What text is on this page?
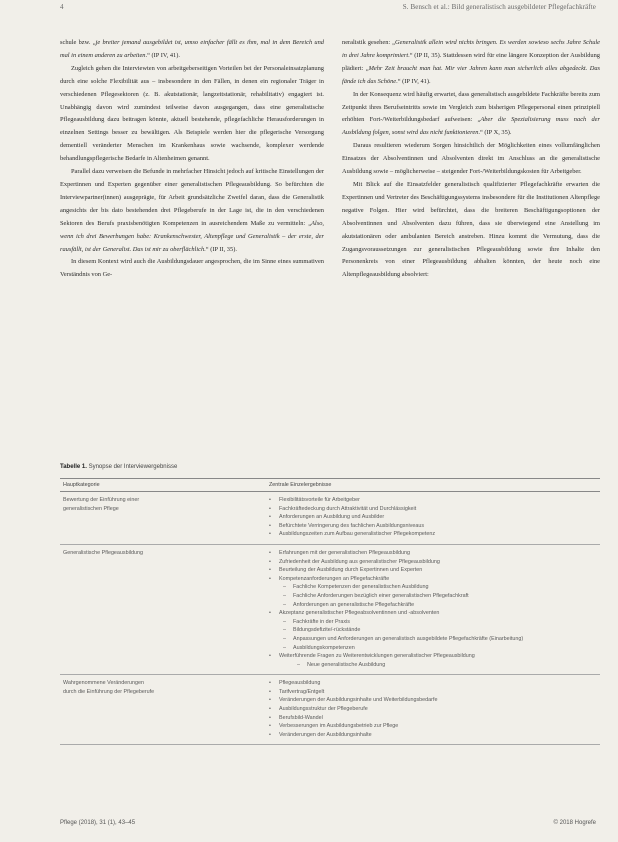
4	S. Bensch et al.: Bild generalistisch ausgebildeter Pflegefachkräfte

schule bzw. „je breiter jemand ausgebildet ist, umso einfacher fällt es ihm, mal in dem Bereich und mal in einem anderen zu arbeiten.“ (IP IV, 41).

Zugleich gehen die Interviewten von arbeitgeberseitigen Vorteilen bei der Personaleinsatzplanung durch eine solche Flexibilität aus – insbesondere in den Fällen, in denen ein regionaler Träger in verschiedenen Pflegesektoren (z. B. akutstationär, langzeitstationär, rehabilitativ) engagiert ist. Unabhängig davon wird zumindest teilweise davon ausgegangen, dass eine generalistische Pflegeausbildung dazu beitragen könnte, aktuell bestehende, pflegefachliche Herausforderungen in einzelnen Settings besser zu bewältigen. Als Beispiele werden hier die pflegerische Versorgung dementiell veränderter Menschen im Krankenhaus sowie wachsende, komplexer werdende behandlungspflegerische Bedarfe in Altenheimen genannt.

Parallel dazu verweisen die Befunde in mehrfacher Hinsicht jedoch auf kritische Einstellungen der Expertinnen und Experten gegenüber einer generalistischen Pflegeausbildung. So befürchten die Interviewpartner(innen) ausgeprägte, für Arbeit grundsätzliche Zweifel daran, dass die Generalistik angesichts der bis dato bestehenden drei Pflegeberufe in der Lage ist, die in den verschiedenen Sektoren des Berufs praxisbenötigten Kompetenzen in ausreichendem Maße zu vermitteln: „Also, wenn ich drei Bewerbungen habe: Krankenschwester, Altenpflege und Generalistik – der erste, der rausfällt, ist der Generalist. Das ist mir zu oberflächlich.“ (IP II, 35).

In diesem Kontext wird auch die Ausbildungsdauer angesprochen, die im Sinne eines summativen Verständnis von Ge-

neralistik gesehen: „Generalistik allein wird nichts bringen. Es werden sowieso sechs Jahre Schule in drei Jahre komprimiert.“ (IP II, 35). Stattdessen wird für eine längere Konzeption der Ausbildung plädiert: „Mehr Zeit braucht man hat. Mir vier Jahren kann man sicherlich alles abgedeckt. Das fände ich das Schöne.“ (IP IV, 41).

In der Konsequenz wird häufig erwartet, dass generalistisch ausgebildete Fachkräfte bereits zum Zeitpunkt ihres Berufseintritts sowie im Vergleich zum bisherigen Pflegepersonal einen prinzipiell erhöhten Fort-/Weiterbildungsbedarf aufweisen: „Aber die Spezialisierung muss nach der Ausbildung folgen, sonst wird das nicht funktionieren.“ (IP X, 35).

Daraus resultieren wiederum Sorgen hinsichtlich der Möglichkeiten eines vollumfänglichen Einsatzes der Absolventinnen und Absolventen direkt im Anschluss an die generalistische Ausbildung sowie – möglicherweise – steigender Fort-/Weiterbildungskosten für Arbeitgeber.

Mit Blick auf die Einsatzfelder generalistisch qualifizierter Pflegefachkräfte erwarten die Expertinnen und Vertreter des Beschäftigungssystems insbesondere für die Institutionen Altenpflege negative Folgen. Hier wird befürchtet, dass die breiteren Beschäftigungsoptionen der Absolventinnen und Absolventen dazu führen, dass sie überwiegend eine Anstellung im akutstationären oder ambulanten Bereich anstreben. Hinzu kommt die Vermutung, dass die Zugangsvoraussetzungen zur generalistischen Pflegeausbildung sowie ihre Inhalte den Personenkreis von einer Pflegeausbildung abhalten könnten, der heute noch eine Altenpflegeausbildung absolviert:

Tabelle 1. Synopse der Interviewergebnisse
Hauptkategorie	Zentrale Einzelergebnisse
Bewertung der Einführung einer
generalistischen Pflege
• Flexibilitätsvorteile für Arbeitgeber
• Fachkräftedeckung durch Attraktivität und Durchlässigkeit
• Anforderungen an Ausbildung und Ausbilder
• Befürchtete Verringerung des fachlichen Ausbildungsniveaus
• Ausbildungszeiten zum Aufbau generalistischer Pflegekompetenz
Generalistische Pflegeausbildung
•	Erfahrungen mit der generalistischen Pflegeausbildung
• Zufriedenheit der Ausbildung aus generalistischer Pflegeausbildung
• Beurteilung der Ausbildung durch Expertinnen und Experten
• Kompetenzanforderungen an Pflegefachkräfte
– Fachliche Kompetenzen der generalistischen Ausbildung
– Fachliche Anforderungen bezüglich einer generalistischen Pflegefachkraft
– Anforderungen an generalistische Pflegefachkräfte
• Akzeptanz generalistischer Pflegeabsolventinnen und -absolventen
– Fachkräfte in der Praxis
– Bildungsdefizite/-rückstände
– Anpassungen und Anforderungen an generalistisch ausgebildete Pflegefachkräfte (Einarbeitung)
– Ausbildungskompetenzen
• Weiterführende Fragen zu Weiterentwicklungen generalistischer Pflegeausbildung
– Neue generalistische Ausbildung
Wahrgenommene Veränderungen
durch die Einführung der Pflegeberufe
• Pflegeausbildung
• Tarifvertrag/Entgelt
• Veränderungen der Ausbildungsinhalte und Weiterbildungsbedarfe
• Ausbildungsstruktur der Pflegeberufe
• Berufsbild-Wandel
• Verbesserungen im Ausbildungsbetrieb zur Pflege
• Veränderungen der Ausbildungsinhalte
Pflege (2018), 31 (1), 43–45	© 2018 Hogrefe
